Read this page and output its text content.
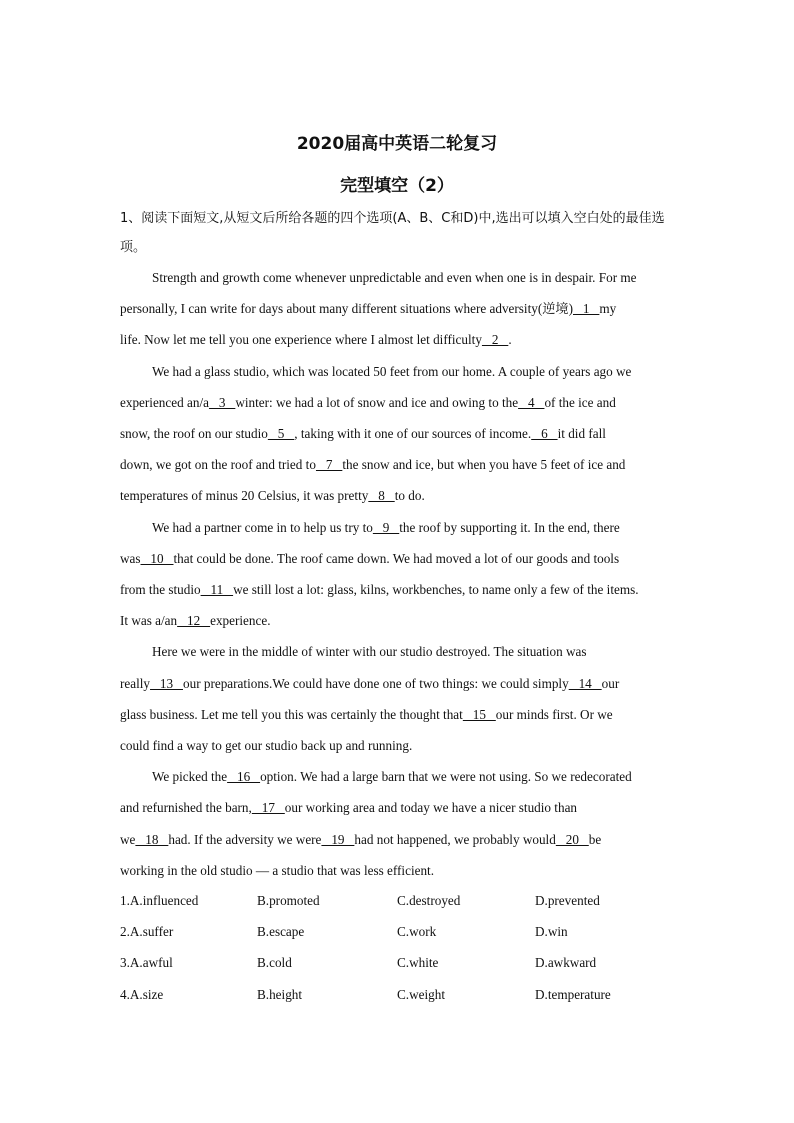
2020届高中英语二轮复习
完型填空（2）
1、阅读下面短文,从短文后所给各题的四个选项(A、B、C和D)中,选出可以填入空白处的最佳选项。
Strength and growth come whenever unpredictable and even when one is in despair. For me
personally, I can write for days about many different situations where adversity(逆境)   1   my
life. Now let me tell you one experience where I almost let difficulty   2   .
We had a glass studio, which was located 50 feet from our home. A couple of years ago we
experienced an/a   3   winter: we had a lot of snow and ice and owing to the   4   of the ice and
snow, the roof on our studio   5   , taking with it one of our sources of income.   6   it did fall
down, we got on the roof and tried to   7   the snow and ice, but when you have 5 feet of ice and
temperatures of minus 20 Celsius, it was pretty   8   to do.
We had a partner come in to help us try to   9   the roof by supporting it. In the end, there
was   10   that could be done. The roof came down. We had moved a lot of our goods and tools
from the studio   11   we still lost a lot: glass, kilns, workbenches, to name only a few of the items.
It was a/an   12   experience.
Here we were in the middle of winter with our studio destroyed. The situation was
really   13   our preparations.We could have done one of two things: we could simply   14   our
glass business. Let me tell you this was certainly the thought that   15   our minds first. Or we
could find a way to get our studio back up and running.
We picked the   16   option. We had a large barn that we were not using. So we redecorated
and refurnished the barn,   17   our working area and today we have a nicer studio than
we   18   had. If the adversity we were   19   had not happened, we probably would   20   be
working in the old studio — a studio that was less efficient.
1.A.influenced	B.promoted	C.destroyed	D.prevented
2.A.suffer	B.escape	C.work	D.win
3.A.awful	B.cold	C.white	D.awkward
4.A.size	B.height	C.weight	D.temperature
